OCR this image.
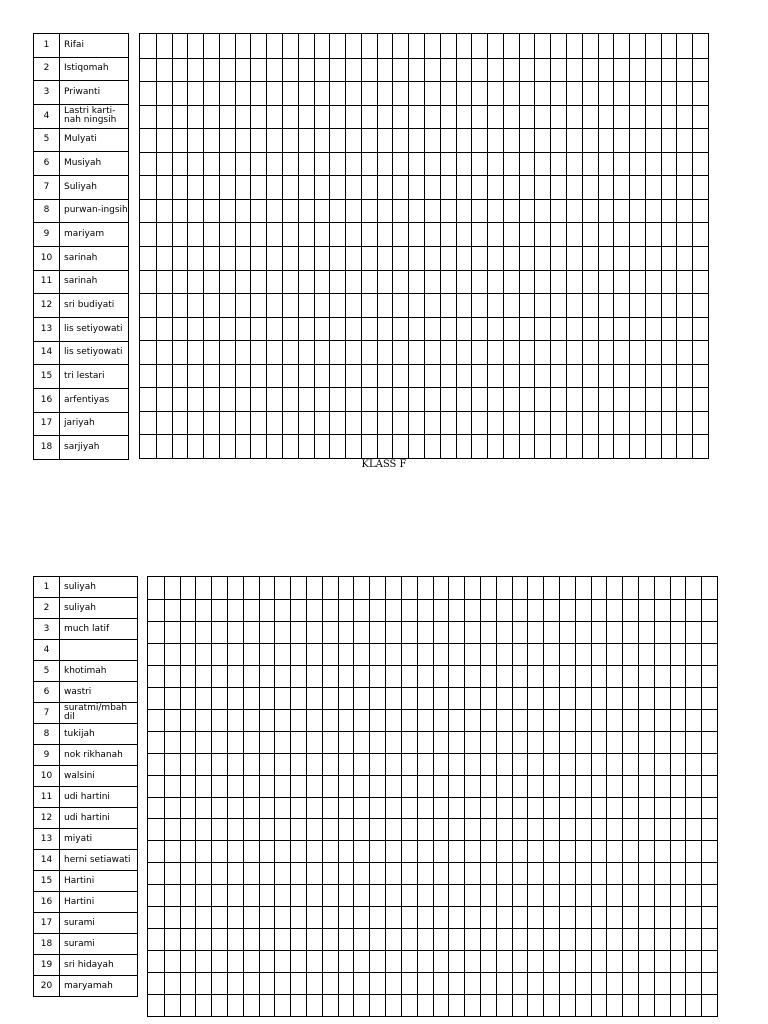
1	Rifai
2	Istiqomah
3	Priwanti
4	Lastri karti-nah ningsih
5	Mulyati
6	Musiyah
7	Suliyah
8	purwan-ingsih
9	mariyam
10	sarinah
11	sarinah
12	sri budiyati
13	lis setiyowati
14	lis setiyowati
15	tri lestari
16	arfentiyas
17	jariyah
18	sarjiyah
KLASS F
1	suliyah
2	suliyah
3	much latif
4	
5	khotimah
6	wastri
7	suratmi/mbah dil
8	tukijah
9	nok rikhanah
10	walsini
11	udi hartini
12	udi hartini
13	miyati
14	herni setiawati
15	Hartini
16	Hartini
17	surami
18	surami
19	sri hidayah
20	maryamah
